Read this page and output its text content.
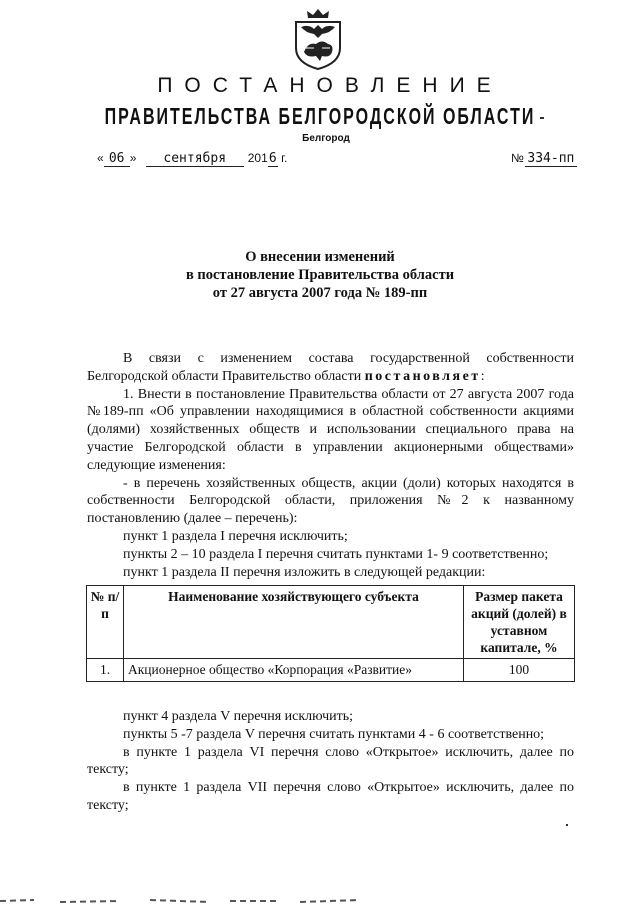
ПОСТАНОВЛЕНИЕ
ПРАВИТЕЛЬСТВА БЕЛГОРОДСКОЙ ОБЛАСТИ
Белгород
« 06 » сентября 2016 г.	№ 334-пп
О внесении изменений
в постановление Правительства области
от 27 августа 2007 года № 189-пп

В связи с изменением состава государственной собственности Белгородской области Правительство области постановляет:

1. Внести в постановление Правительства области от 27 августа 2007 года №189-пп «Об управлении находящимися в областной собственности акциями (долями) хозяйственных обществ и использовании специального права на участие Белгородской области в управлении акционерными обществами» следующие изменения:

- в перечень хозяйственных обществ, акции (доли) которых находятся в собственности Белгородской области, приложения №2 к названному постановлению (далее – перечень):

пункт 1 раздела I перечня исключить;

пункты 2 – 10 раздела I перечня считать пунктами 1- 9 соответственно;

пункт 1 раздела II перечня изложить в следующей редакции:

№ п/п	Наименование хозяйствующего субъекта	Размер пакета акций (долей) в уставном капитале, %
1.	Акционерное общество «Корпорация «Развитие»	100

пункт 4 раздела V перечня исключить;

пункты 5 -7 раздела V перечня считать пунктами 4 - 6 соответственно;

в пункте 1 раздела VI перечня слово «Открытое» исключить, далее по тексту;

в пункте 1 раздела VII перечня слово «Открытое» исключить, далее по тексту;
